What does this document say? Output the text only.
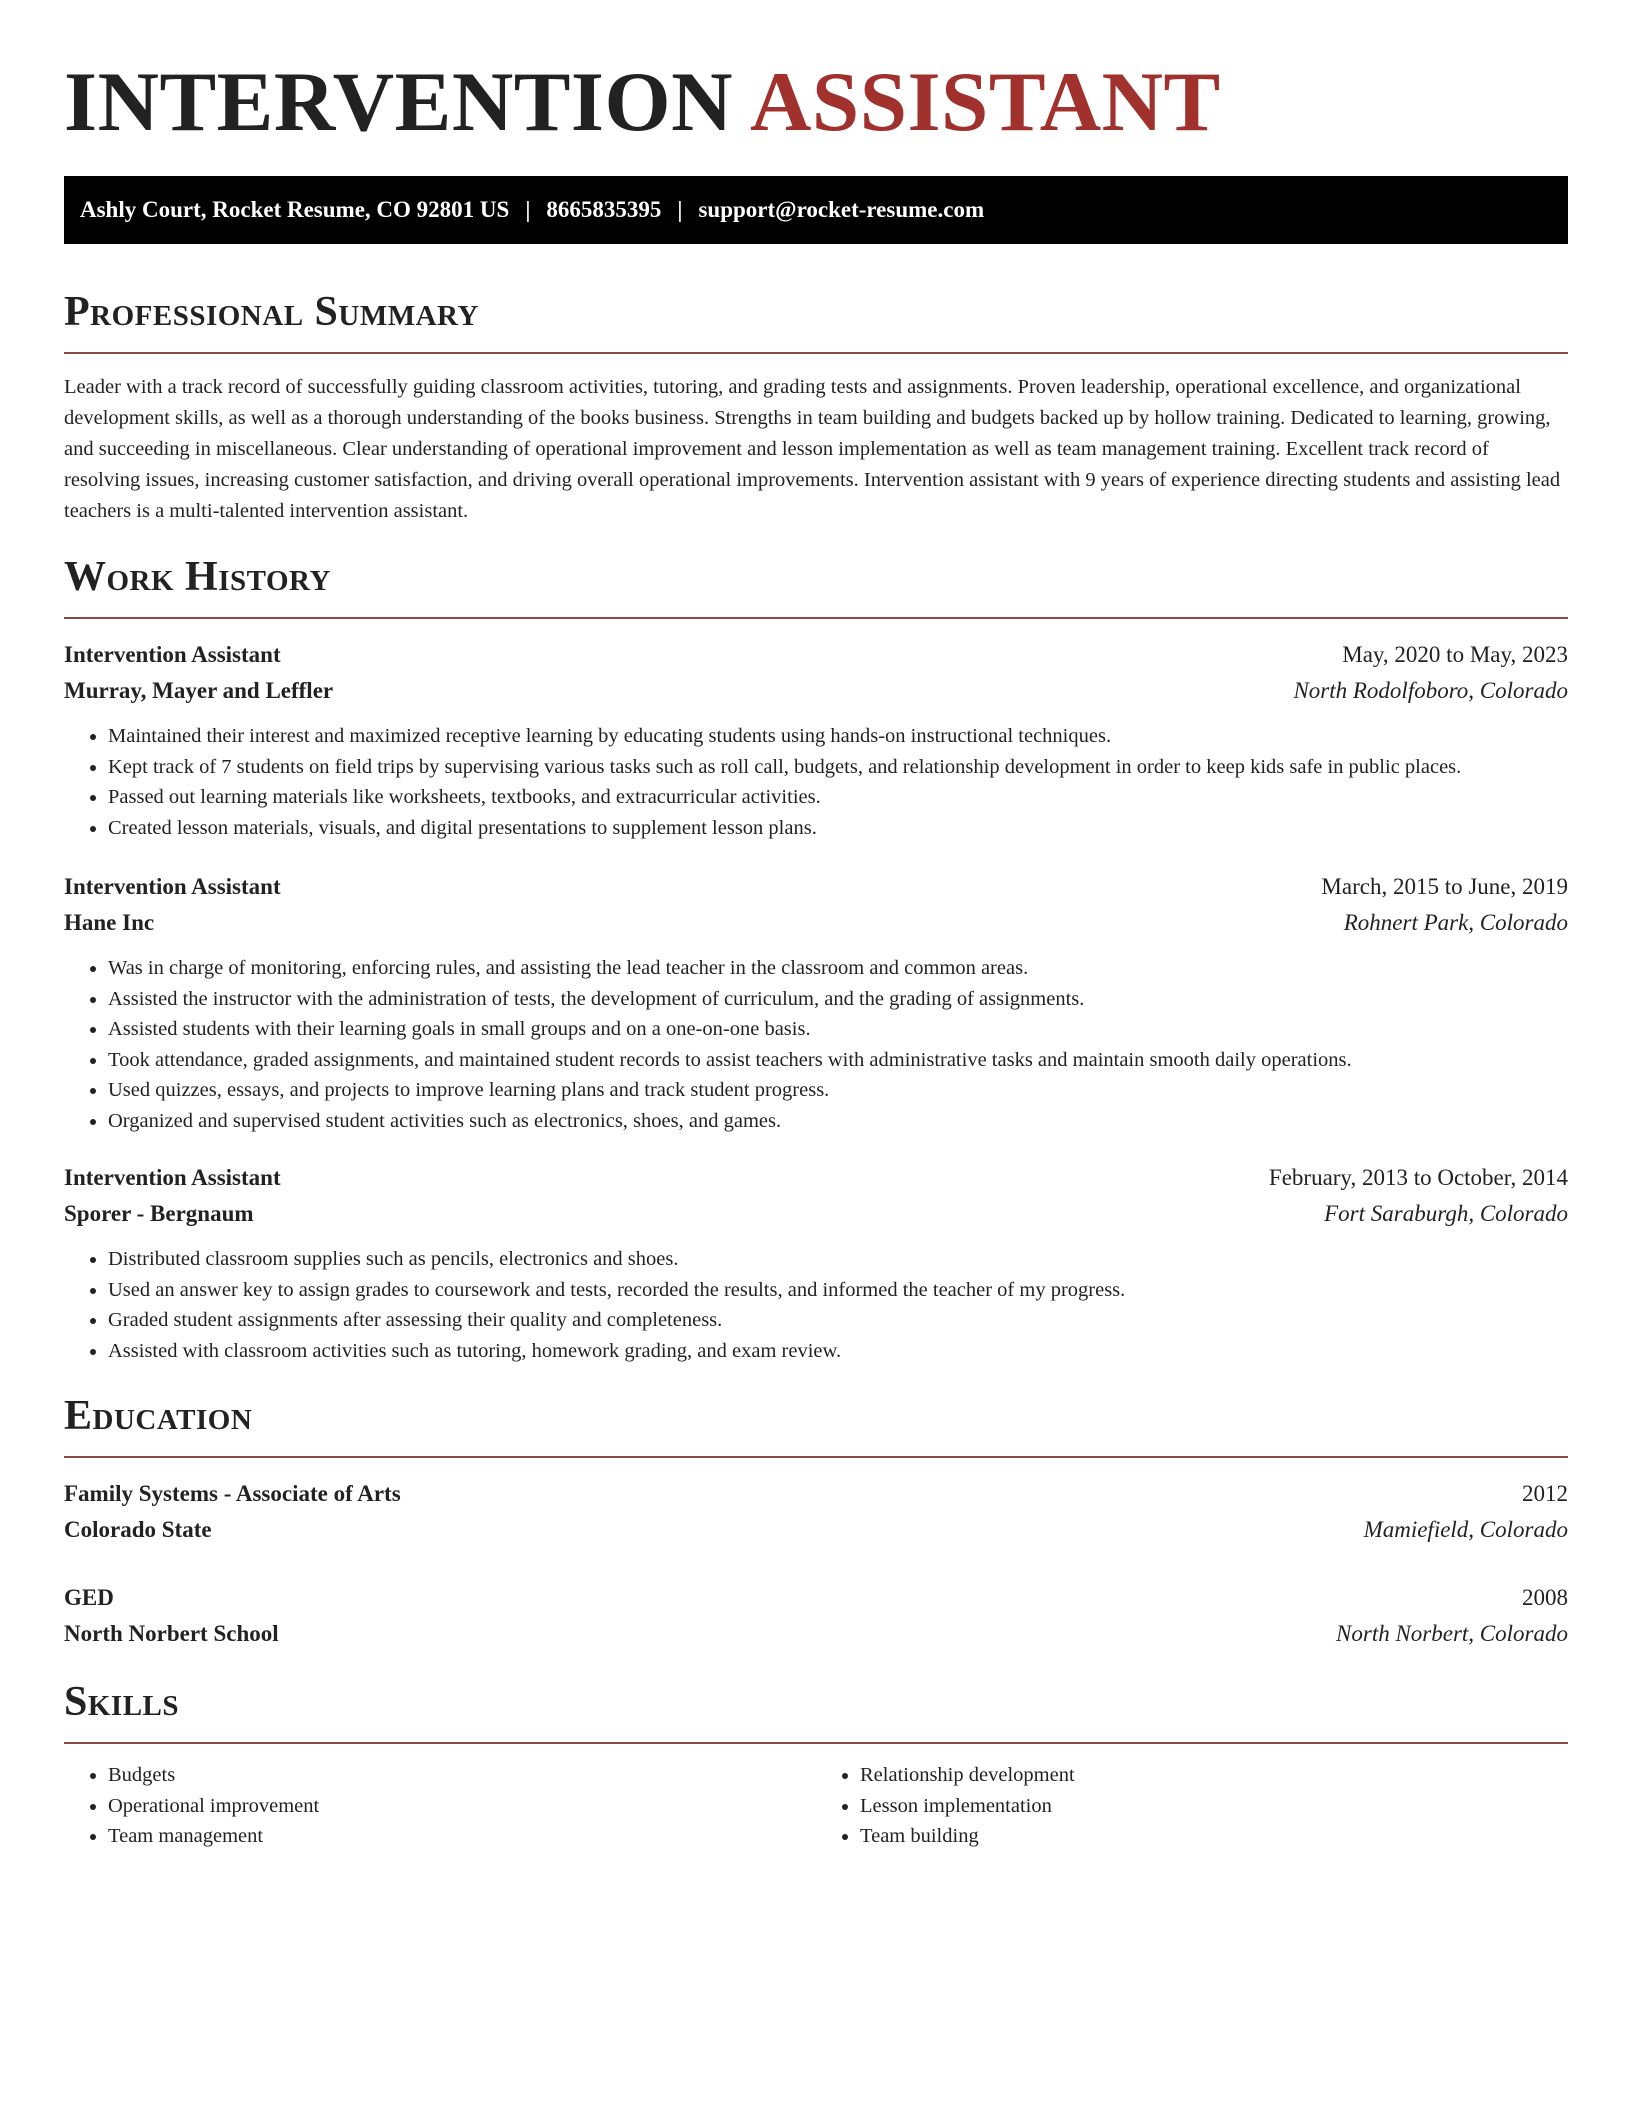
INTERVENTION ASSISTANT
Ashly Court, Rocket Resume, CO 92801 US | 8665835395 | support@rocket-resume.com
Professional Summary

Leader with a track record of successfully guiding classroom activities, tutoring, and grading tests and assignments. Proven leadership, operational excellence, and organizational development skills, as well as a thorough understanding of the books business. Strengths in team building and budgets backed up by hollow training. Dedicated to learning, growing, and succeeding in miscellaneous. Clear understanding of operational improvement and lesson implementation as well as team management training. Excellent track record of resolving issues, increasing customer satisfaction, and driving overall operational improvements. Intervention assistant with 9 years of experience directing students and assisting lead teachers is a multi-talented intervention assistant.

Work History
Intervention Assistant	May, 2020 to May, 2023
Murray, Mayer and Leffler	North Rodolfoboro, Colorado
• Maintained their interest and maximized receptive learning by educating students using hands-on instructional techniques.
• Kept track of 7 students on field trips by supervising various tasks such as roll call, budgets, and relationship development in order to keep kids safe in public places.
• Passed out learning materials like worksheets, textbooks, and extracurricular activities.
• Created lesson materials, visuals, and digital presentations to supplement lesson plans.
Intervention Assistant	March, 2015 to June, 2019
Hane Inc	Rohnert Park, Colorado
• Was in charge of monitoring, enforcing rules, and assisting the lead teacher in the classroom and common areas.
• Assisted the instructor with the administration of tests, the development of curriculum, and the grading of assignments.
• Assisted students with their learning goals in small groups and on a one-on-one basis.
• Took attendance, graded assignments, and maintained student records to assist teachers with administrative tasks and maintain smooth daily operations.
• Used quizzes, essays, and projects to improve learning plans and track student progress.
• Organized and supervised student activities such as electronics, shoes, and games.
Intervention Assistant	February, 2013 to October, 2014
Sporer - Bergnaum	Fort Saraburgh, Colorado
• Distributed classroom supplies such as pencils, electronics and shoes.
• Used an answer key to assign grades to coursework and tests, recorded the results, and informed the teacher of my progress.
• Graded student assignments after assessing their quality and completeness.
• Assisted with classroom activities such as tutoring, homework grading, and exam review.
Education
Family Systems - Associate of Arts	2012
Colorado State	Mamiefield, Colorado
GED	2008
North Norbert School	North Norbert, Colorado
Skills
• Budgets
• Operational improvement
• Team management
• Relationship development
• Lesson implementation
• Team building
